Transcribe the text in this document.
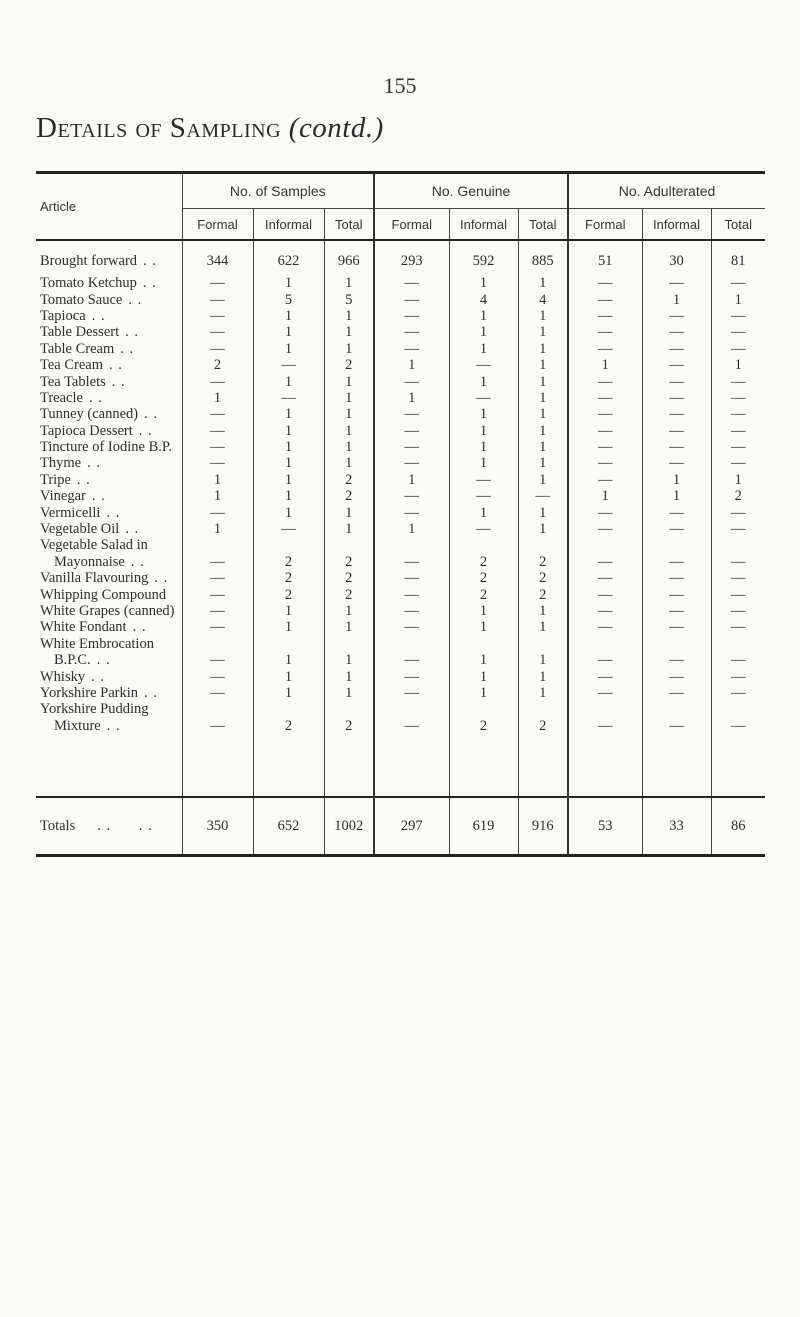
155
Details of Sampling (contd.)
Article	No. of Samples			No. Genuine			No. Adulterated		
	Formal	Informal	Total	Formal	Informal	Total	Formal	Informal	Total
Brought forward . .	344	622	966	293	592	885	51	30	81

Tomato Ketchup . .	—	1	1	—	1	1	—	—	—
Tomato Sauce . .	—	5	5	—	4	4	—	1	1
Tapioca . .	—	1	1	—	1	1	—	—	—
Table Dessert . .	—	1	1	—	1	1	—	—	—
Table Cream . .	—	1	1	—	1	1	—	—	—
Tea Cream . .	2	—	2	1	—	1	1	—	1
Tea Tablets . .	—	1	1	—	1	1	—	—	—
Treacle . .	1	—	1	1	—	1	—	—	—
Tunney (canned) . .	—	1	1	—	1	1	—	—	—
Tapioca Dessert . .	—	1	1	—	1	1	—	—	—
Tincture of Iodine B.P.	—	1	1	—	1	1	—	—	—
Thyme . .	—	1	1	—	1	1	—	—	—
Tripe . .	1	1	2	1	—	1	—	1	1
Vinegar . .	1	1	2	—	—	—	1	1	2
Vermicelli . .	—	1	1	—	1	1	—	—	—
Vegetable Oil . .	1	—	1	1	—	1	—	—	—
Vegetable Salad in									
Mayonnaise . .	—	2	2	—	2	2	—	—	—
Vanilla Flavouring . .	—	2	2	—	2	2	—	—	—
Whipping Compound	—	2	2	—	2	2	—	—	—
White Grapes (canned)	—	1	1	—	1	1	—	—	—
White Fondant . .	—	1	1	—	1	1	—	—	—
White Embrocation									
B.P.C. . .	—	1	1	—	1	1	—	—	—
Whisky . .	—	1	1	—	1	1	—	—	—
Yorkshire Parkin . .	—	1	1	—	1	1	—	—	—
Yorkshire Pudding									
Mixture . .	—	2	2	—	2	2	—	—	—

Totals . .      . .	350	652	1002	297	619	916	53	33	86
